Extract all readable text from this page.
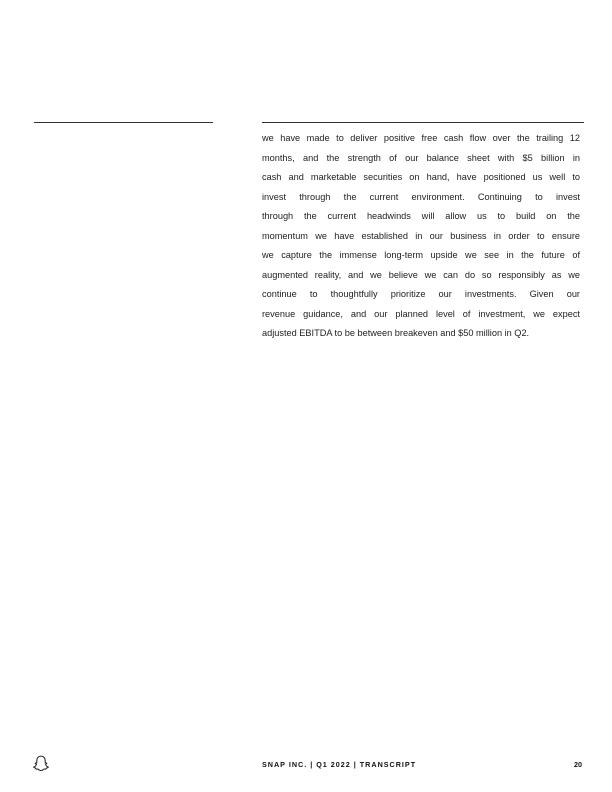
we have made to deliver positive free cash flow over the trailing 12
months, and the strength of our balance sheet with $5 billion in
cash and marketable securities on hand, have positioned us well to
invest through the current environment. Continuing to invest
through the current headwinds will allow us to build on the
momentum we have established in our business in order to ensure
we capture the immense long-term upside we see in the future of
augmented reality, and we believe we can do so responsibly as we
continue to thoughtfully prioritize our investments. Given our
revenue guidance, and our planned level of investment, we expect
adjusted EBITDA to be between breakeven and $50 million in Q2.

SNAP INC. | Q1 2022 | TRANSCRIPT	20
